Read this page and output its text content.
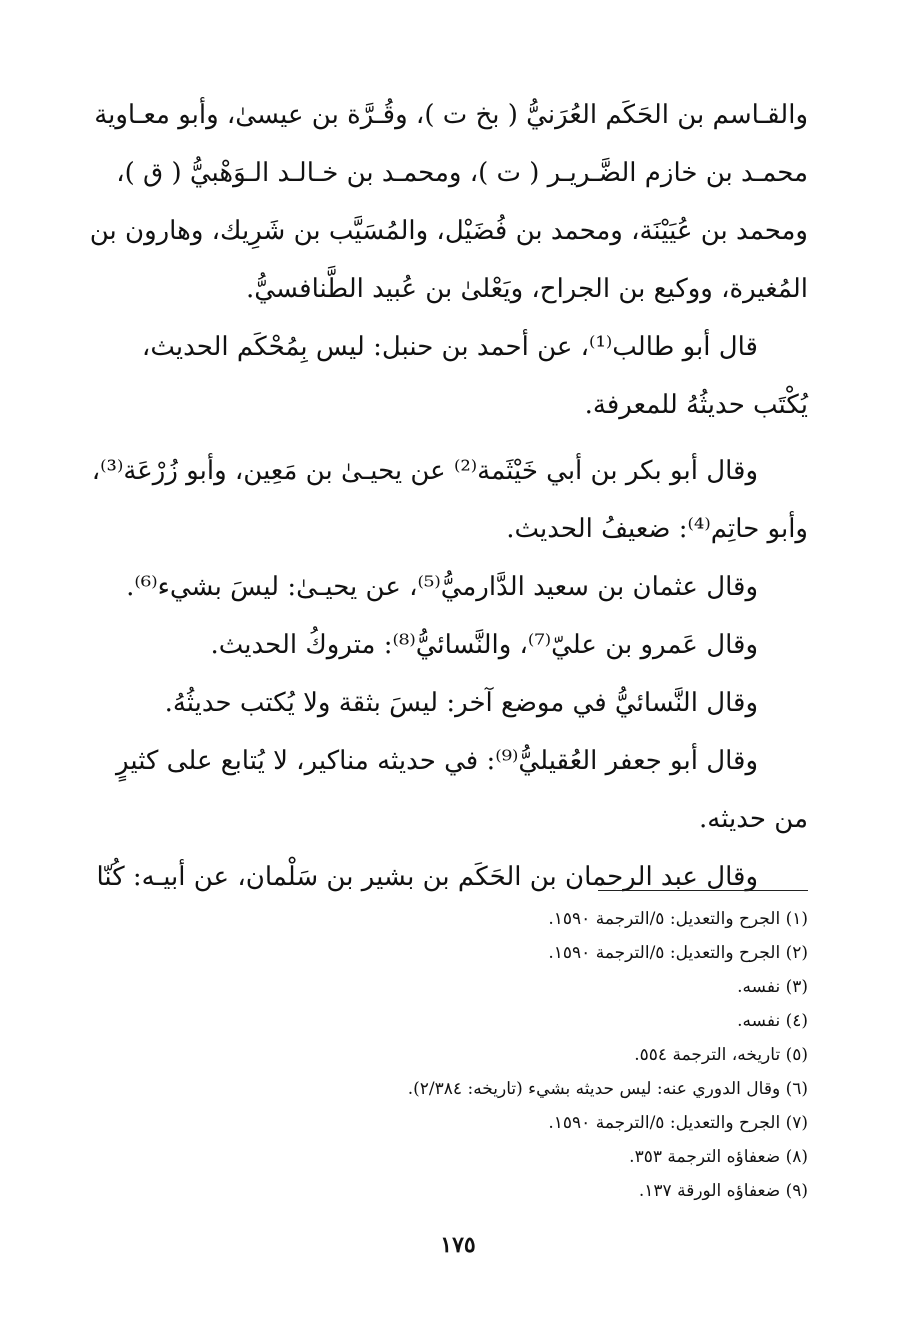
والقـاسم بن الحَكَم العُرَنيُّ ( بخ ت )، وقُـرَّة بن عيسىٰ، وأبو معـاوية
محمـد بن خازم الضَّـريـر ( ت )، ومحمـد بن خـالـد الـوَهْبيُّ ( ق )،
ومحمد بن عُيَيْنَة، ومحمد بن فُضَيْل، والمُسَيَّب بن شَرِيك، وهارون بن
المُغيرة، ووكيع بن الجراح، ويَعْلىٰ بن عُبيد الطَّنافسيُّ.
قال أبو طالب⁽¹⁾، عن أحمد بن حنبل: ليس بِمُحْكَم الحديث،
يُكْتَب حديثُهُ للمعرفة.
وقال أبو بكر بن أبي خَيْثَمة⁽²⁾ عن يحيـىٰ بن مَعِين، وأبو زُرْعَة⁽³⁾،
وأبو حاتِم⁽⁴⁾: ضعيفُ الحديث.
وقال عثمان بن سعيد الدَّارميُّ⁽⁵⁾، عن يحيـىٰ: ليسَ بشيء⁽⁶⁾.
وقال عَمرو بن عليّ⁽⁷⁾، والنَّسائيُّ⁽⁸⁾: متروكُ الحديث.
وقال النَّسائيُّ في موضع آخر: ليسَ بثقة ولا يُكتب حديثُهُ.
وقال أبو جعفر العُقيليُّ⁽⁹⁾: في حديثه مناكير، لا يُتابع على كثيرٍ
من حديثه.
وقال عبد الرحمان بن الحَكَم بن بشير بن سَلْمان، عن أبيـه: كُنّا
(١) الجرح والتعديل: ٥/الترجمة ١٥٩٠.
(٢) الجرح والتعديل: ٥/الترجمة ١٥٩٠.
(٣) نفسه.
(٤) نفسه.
(٥) تاريخه، الترجمة ٥٥٤.
(٦) وقال الدوري عنه: ليس حديثه بشيء (تاريخه: ٢/٣٨٤).
(٧) الجرح والتعديل: ٥/الترجمة ١٥٩٠.
(٨) ضعفاؤه الترجمة ٣٥٣.
(٩) ضعفاؤه الورقة ١٣٧.
١٧٥
